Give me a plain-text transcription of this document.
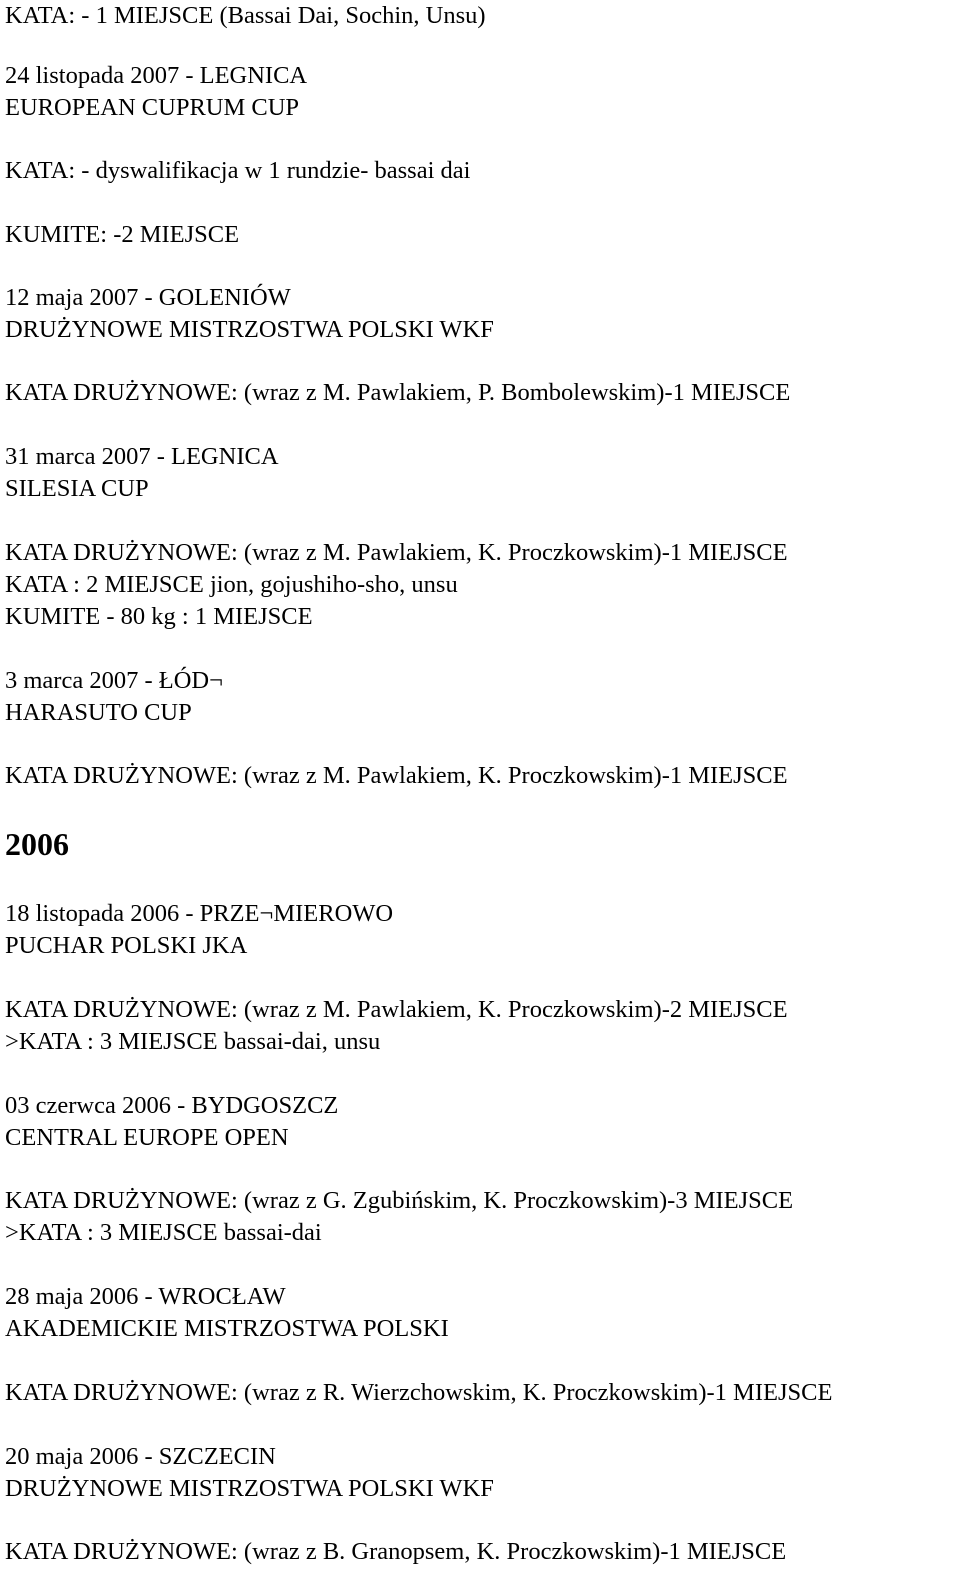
KATA: - 1 MIEJSCE (Bassai Dai, Sochin, Unsu)
24 listopada 2007 - LEGNICA
EUROPEAN CUPRUM CUP
KATA: - dyswalifikacja w 1 rundzie- bassai dai
KUMITE: -2 MIEJSCE
12 maja 2007 - GOLENIÓW
DRUŻYNOWE MISTRZOSTWA POLSKI WKF
KATA DRUŻYNOWE: (wraz z M. Pawlakiem, P. Bombolewskim)-1 MIEJSCE
31 marca 2007 - LEGNICA
SILESIA CUP
KATA DRUŻYNOWE: (wraz z M. Pawlakiem, K. Proczkowskim)-1 MIEJSCE
KATA : 2 MIEJSCE jion, gojushiho-sho, unsu
KUMITE - 80 kg : 1 MIEJSCE
3 marca 2007 - ŁÓD¬
HARASUTO CUP
KATA DRUŻYNOWE: (wraz z M. Pawlakiem, K. Proczkowskim)-1 MIEJSCE
2006
18 listopada 2006 - PRZE¬MIEROWO
PUCHAR POLSKI JKA
KATA DRUŻYNOWE: (wraz z M. Pawlakiem, K. Proczkowskim)-2 MIEJSCE
>KATA : 3 MIEJSCE bassai-dai, unsu
03 czerwca 2006 - BYDGOSZCZ
CENTRAL EUROPE OPEN
KATA DRUŻYNOWE: (wraz z G. Zgubińskim, K. Proczkowskim)-3 MIEJSCE
>KATA : 3 MIEJSCE bassai-dai
28 maja 2006 - WROCŁAW
AKADEMICKIE MISTRZOSTWA POLSKI
KATA DRUŻYNOWE: (wraz z R. Wierzchowskim, K. Proczkowskim)-1 MIEJSCE
20 maja 2006 - SZCZECIN
DRUŻYNOWE MISTRZOSTWA POLSKI WKF
KATA DRUŻYNOWE: (wraz z B. Granopsem, K. Proczkowskim)-1 MIEJSCE
